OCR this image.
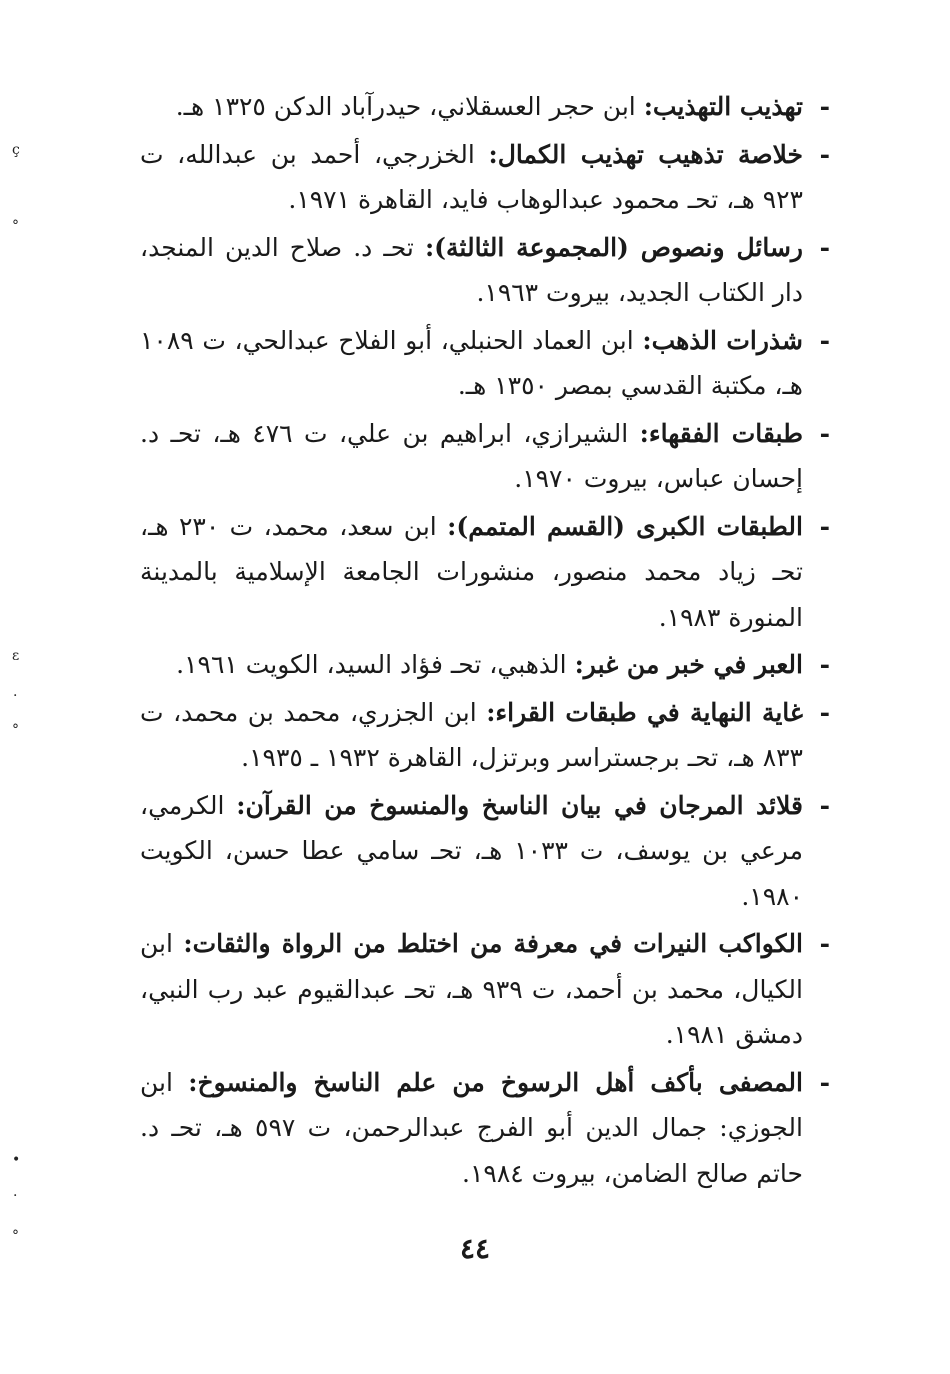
- تهذيب التهذيب: ابن حجر العسقلاني، حيدرآباد الدكن ١٣٢٥ هـ.
- خلاصة تذهيب تهذيب الكمال: الخزرجي، أحمد بن عبدالله، ت ٩٢٣ هـ، تحـ محمود عبدالوهاب فايد، القاهرة ١٩٧١.
- رسائل ونصوص (المجموعة الثالثة): تحـ د. صلاح الدين المنجد، دار الكتاب الجديد، بيروت ١٩٦٣.
- شذرات الذهب: ابن العماد الحنبلي، أبو الفلاح عبدالحي، ت ١٠٨٩ هـ، مكتبة القدسي بمصر ١٣٥٠ هـ.
- طبقات الفقهاء: الشيرازي، ابراهيم بن علي، ت ٤٧٦ هـ، تحـ د. إحسان عباس، بيروت ١٩٧٠.
- الطبقات الكبرى (القسم المتمم): ابن سعد، محمد، ت ٢٣٠ هـ، تحـ زياد محمد منصور، منشورات الجامعة الإسلامية بالمدينة المنورة ١٩٨٣.
- العبر في خبر من غبر: الذهبي، تحـ فؤاد السيد، الكويت ١٩٦١.
- غاية النهاية في طبقات القراء: ابن الجزري، محمد بن محمد، ت ٨٣٣ هـ، تحـ برجستراسر وبرتزل، القاهرة ١٩٣٢ ـ ١٩٣٥.
- قلائد المرجان في بيان الناسخ والمنسوخ من القرآن: الكرمي، مرعي بن يوسف، ت ١٠٣٣ هـ، تحـ سامي عطا حسن، الكويت ١٩٨٠.
- الكواكب النيرات في معرفة من اختلط من الرواة والثقات: ابن الكيال، محمد بن أحمد، ت ٩٣٩ هـ، تحـ عبدالقيوم عبد رب النبي، دمشق ١٩٨١.
- المصفى بأكف أهل الرسوخ من علم الناسخ والمنسوخ: ابن الجوزي: جمال الدين أبو الفرج عبدالرحمن، ت ٥٩٧ هـ، تحـ د. حاتم صالح الضامن، بيروت ١٩٨٤.
٤٤
ç
°
ɛ
·
°
•
·
°
